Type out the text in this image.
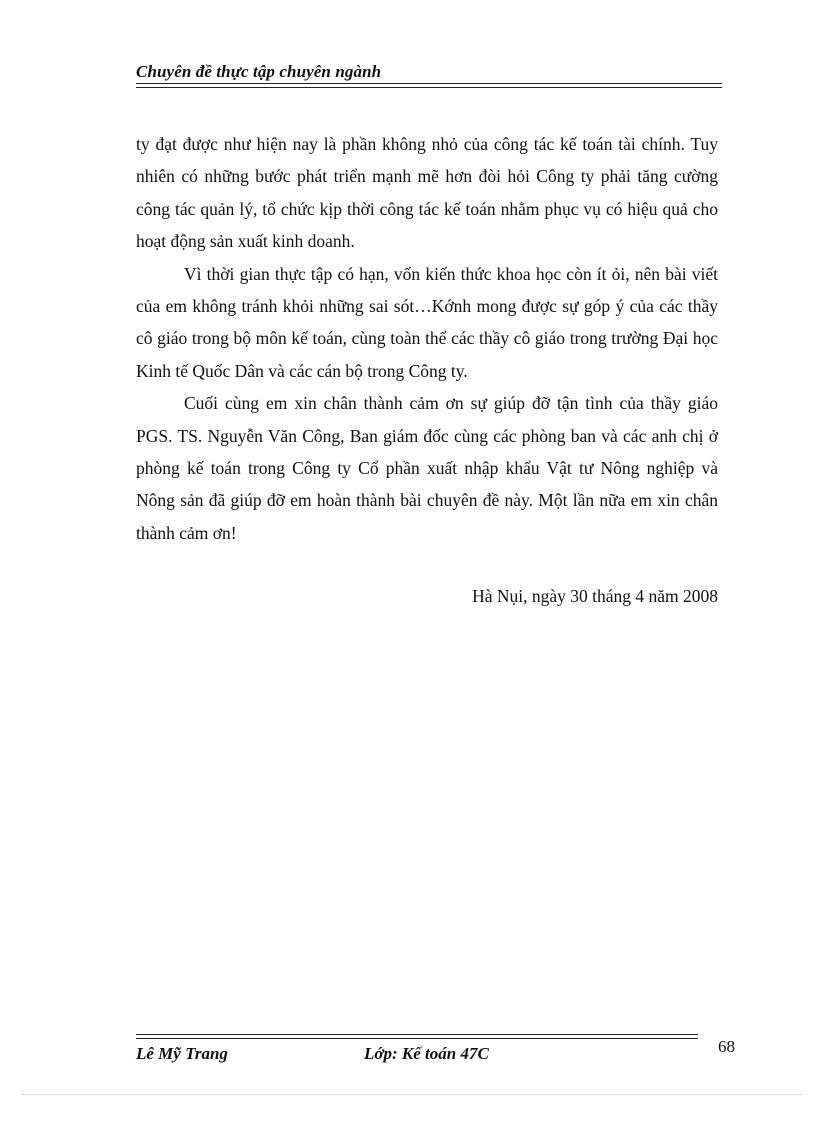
Chuyên đề thực tập chuyên ngành

ty đạt được như hiện nay là phần không nhỏ của công tác kế toán tài chính. Tuy nhiên có những bước phát triển mạnh mẽ hơn đòi hỏi Công ty phải tăng cường công tác quản lý, tổ chức kịp thời công tác kế toán nhằm phục vụ có hiệu quả cho hoạt động sản xuất kinh doanh.

Vì thời gian thực tập có hạn, vốn kiến thức khoa học còn ít ỏi, nên bài viết của em không tránh khỏi những sai sót…Kớnh mong được sự góp ý của các thầy cô giáo trong bộ môn kế toán, cùng toàn thể các thầy cô giáo trong trường Đại học Kinh tế Quốc Dân và các cán bộ trong Công ty.

Cuối cùng em xin chân thành cảm ơn sự giúp đỡ tận tình của thầy giáo PGS. TS. Nguyễn Văn Công, Ban giám đốc cùng các phòng ban và các anh chị ở phòng kế toán trong Công ty Cổ phần xuất nhập khẩu Vật tư Nông nghiệp và Nông sản đã giúp đỡ em hoàn thành bài chuyên đề này. Một lần nữa em xin chân thành cảm ơn!

Hà Nụi, ngày 30 tháng 4 năm 2008
Lê Mỹ Trang	Lớp: Kế toán 47C	68
